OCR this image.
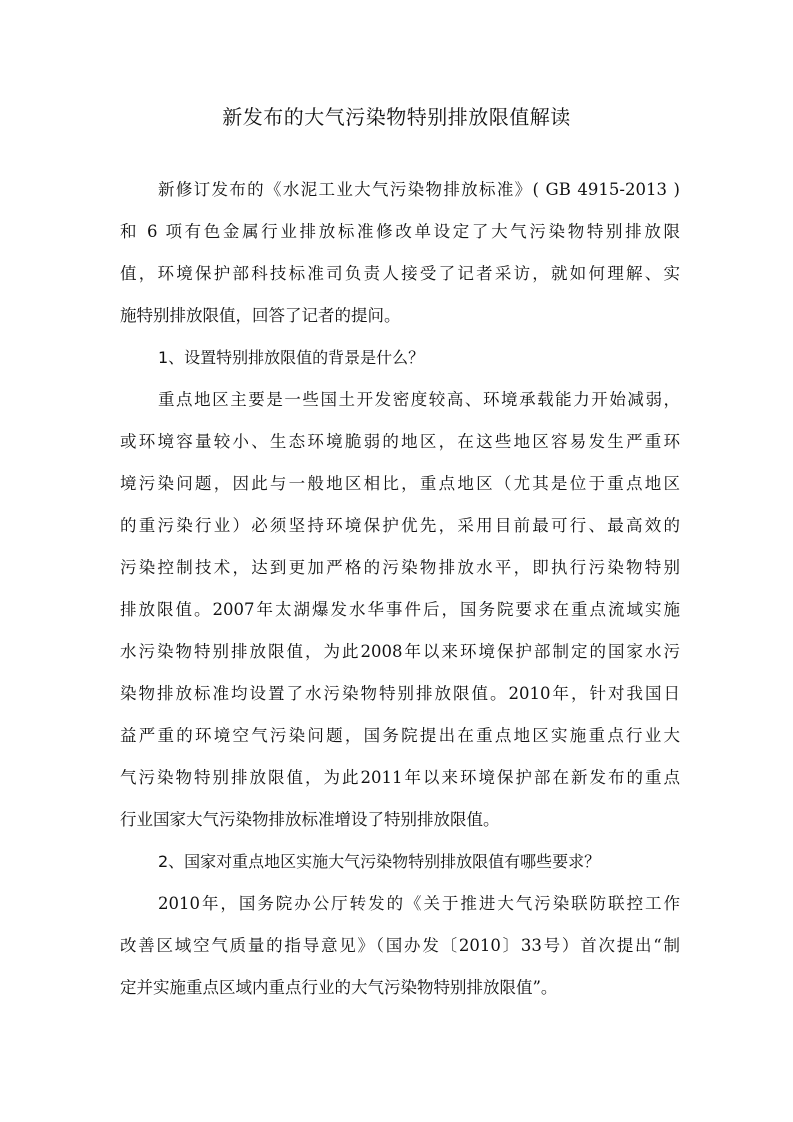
新发布的大气污染物特别排放限值解读
新修订发布的《水泥工业大气污染物排放标准》( GB 4915-2013 )
和 6 项有色金属行业排放标准修改单设定了大气污染物特别排放限
值，环境保护部科技标准司负责人接受了记者采访，就如何理解、实
施特别排放限值，回答了记者的提问。
1、设置特别排放限值的背景是什么？
重点地区主要是一些国土开发密度较高、环境承载能力开始减弱，
或环境容量较小、生态环境脆弱的地区，在这些地区容易发生严重环
境污染问题，因此与一般地区相比，重点地区（尤其是位于重点地区
的重污染行业）必须坚持环境保护优先，采用目前最可行、最高效的
污染控制技术，达到更加严格的污染物排放水平，即执行污染物特别
排放限值。2007年太湖爆发水华事件后，国务院要求在重点流域实施
水污染物特别排放限值，为此2008年以来环境保护部制定的国家水污
染物排放标准均设置了水污染物特别排放限值。2010年，针对我国日
益严重的环境空气污染问题，国务院提出在重点地区实施重点行业大
气污染物特别排放限值，为此2011年以来环境保护部在新发布的重点
行业国家大气污染物排放标准增设了特别排放限值。
2、国家对重点地区实施大气污染物特别排放限值有哪些要求？
2010年，国务院办公厅转发的《关于推进大气污染联防联控工作
改善区域空气质量的指导意见》（国办发〔2010〕33号）首次提出“制
定并实施重点区域内重点行业的大气污染物特别排放限值”。
